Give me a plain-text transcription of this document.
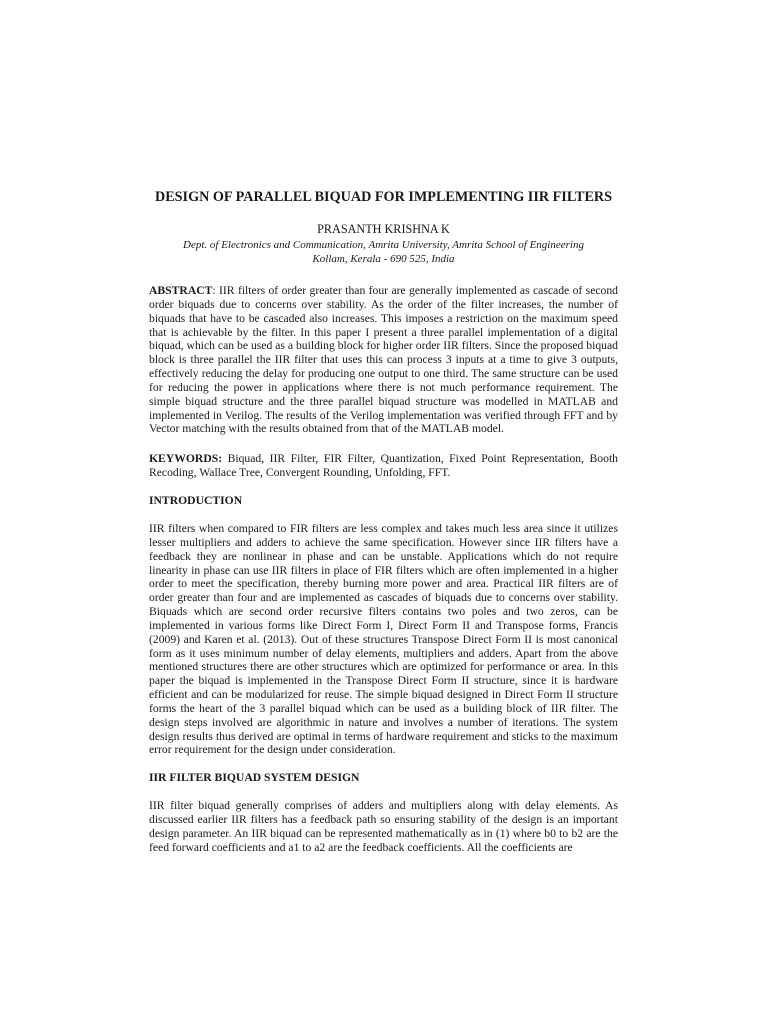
DESIGN OF PARALLEL BIQUAD FOR IMPLEMENTING IIR FILTERS
PRASANTH KRISHNA K
Dept. of Electronics and Communication, Amrita University, Amrita School of Engineering
Kollam, Kerala - 690 525, India

ABSTRACT: IIR filters of order greater than four are generally implemented as cascade of second order biquads due to concerns over stability. As the order of the filter increases, the number of biquads that have to be cascaded also increases. This imposes a restriction on the maximum speed that is achievable by the filter. In this paper I present a three parallel implementation of a digital biquad, which can be used as a building block for higher order IIR filters. Since the proposed biquad block is three parallel the IIR filter that uses this can process 3 inputs at a time to give 3 outputs, effectively reducing the delay for producing one output to one third. The same structure can be used for reducing the power in applications where there is not much performance requirement. The simple biquad structure and the three parallel biquad structure was modelled in MATLAB and implemented in Verilog. The results of the Verilog implementation was verified through FFT and by Vector matching with the results obtained from that of the MATLAB model.

KEYWORDS: Biquad, IIR Filter, FIR Filter, Quantization, Fixed Point Representation, Booth Recoding, Wallace Tree, Convergent Rounding, Unfolding, FFT.

INTRODUCTION

IIR filters when compared to FIR filters are less complex and takes much less area since it utilizes lesser multipliers and adders to achieve the same specification. However since IIR filters have a feedback they are nonlinear in phase and can be unstable. Applications which do not require linearity in phase can use IIR filters in place of FIR filters which are often implemented in a higher order to meet the specification, thereby burning more power and area. Practical IIR filters are of order greater than four and are implemented as cascades of biquads due to concerns over stability. Biquads which are second order recursive filters contains two poles and two zeros, can be implemented in various forms like Direct Form I, Direct Form II and Transpose forms, Francis (2009) and Karen et al. (2013). Out of these structures Transpose Direct Form II is most canonical form as it uses minimum number of delay elements, multipliers and adders. Apart from the above mentioned structures there are other structures which are optimized for performance or area. In this paper the biquad is implemented in the Transpose Direct Form II structure, since it is hardware efficient and can be modularized for reuse. The simple biquad designed in Direct Form II structure forms the heart of the 3 parallel biquad which can be used as a building block of IIR filter. The design steps involved are algorithmic in nature and involves a number of iterations. The system design results thus derived are optimal in terms of hardware requirement and sticks to the maximum error requirement for the design under consideration.

IIR FILTER BIQUAD SYSTEM DESIGN

IIR filter biquad generally comprises of adders and multipliers along with delay elements. As discussed earlier IIR filters has a feedback path so ensuring stability of the design is an important design parameter. An IIR biquad can be represented mathematically as in (1) where b0 to b2 are the feed forward coefficients and a1 to a2 are the feedback coefficients. All the coefficients are
